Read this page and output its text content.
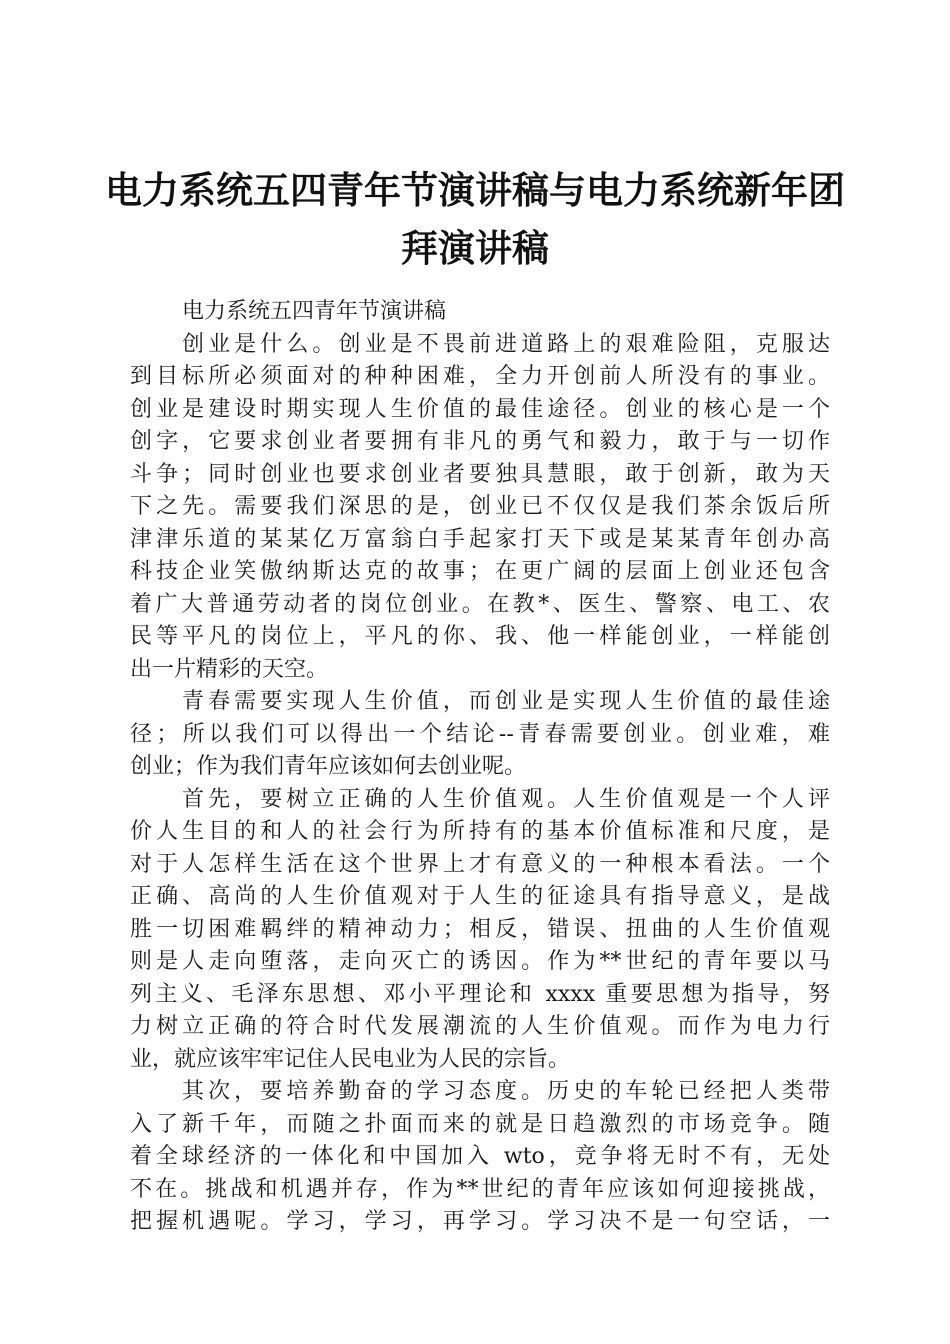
电力系统五四青年节演讲稿与电力系统新年团
拜演讲稿
电力系统五四青年节演讲稿
创业是什么。创业是不畏前进道路上的艰难险阻，克服达
到目标所必须面对的种种困难，全力开创前人所没有的事业。
创业是建设时期实现人生价值的最佳途径。创业的核心是一个
创字，它要求创业者要拥有非凡的勇气和毅力，敢于与一切作
斗争；同时创业也要求创业者要独具慧眼，敢于创新，敢为天
下之先。需要我们深思的是，创业已不仅仅是我们茶余饭后所
津津乐道的某某亿万富翁白手起家打天下或是某某青年创办高
科技企业笑傲纳斯达克的故事；在更广阔的层面上创业还包含
着广大普通劳动者的岗位创业。在教*、医生、警察、电工、农
民等平凡的岗位上，平凡的你、我、他一样能创业，一样能创
出一片精彩的天空。
青春需要实现人生价值，而创业是实现人生价值的最佳途
径；所以我们可以得出一个结论--青春需要创业。创业难，难
创业；作为我们青年应该如何去创业呢。
首先，要树立正确的人生价值观。人生价值观是一个人评
价人生目的和人的社会行为所持有的基本价值标准和尺度，是
对于人怎样生活在这个世界上才有意义的一种根本看法。一个
正确、高尚的人生价值观对于人生的征途具有指导意义，是战
胜一切困难羁绊的精神动力；相反，错误、扭曲的人生价值观
则是人走向堕落，走向灭亡的诱因。作为**世纪的青年要以马
列主义、毛泽东思想、邓小平理论和 xxxx 重要思想为指导，努
力树立正确的符合时代发展潮流的人生价值观。而作为电力行
业，就应该牢牢记住人民电业为人民的宗旨。
其次，要培养勤奋的学习态度。历史的车轮已经把人类带
入了新千年，而随之扑面而来的就是日趋激烈的市场竞争。随
着全球经济的一体化和中国加入 wto，竞争将无时不有，无处
不在。挑战和机遇并存，作为**世纪的青年应该如何迎接挑战，
把握机遇呢。学习，学习，再学习。学习决不是一句空话，一
